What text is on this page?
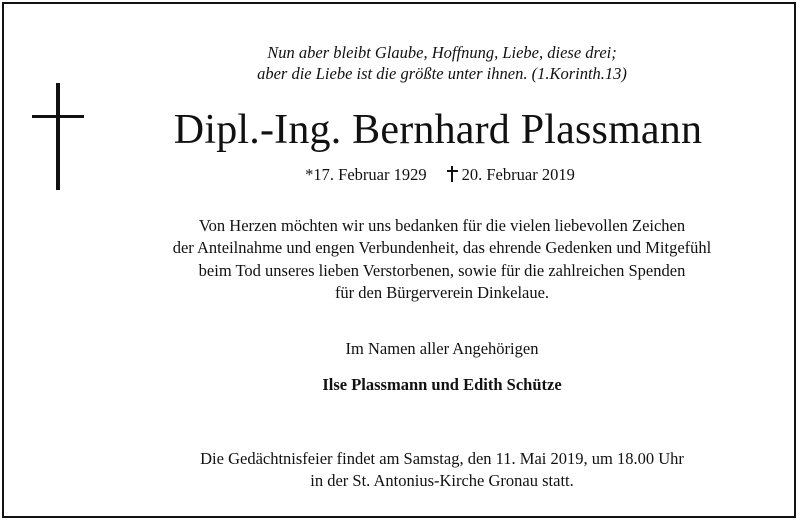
Nun aber bleibt Glaube, Hoffnung, Liebe, diese drei;
aber die Liebe ist die größte unter ihnen. (1.Korinth.13)
Dipl.-Ing. Bernhard Plassmann
*17. Februar 1929 20. Februar 2019
Von Herzen möchten wir uns bedanken für die vielen liebevollen Zeichen
der Anteilnahme und engen Verbundenheit, das ehrende Gedenken und Mitgefühl
beim Tod unseres lieben Verstorbenen, sowie für die zahlreichen Spenden
für den Bürgerverein Dinkelaue.
Im Namen aller Angehörigen
Ilse Plassmann und Edith Schütze
Die Gedächtnisfeier findet am Samstag, den 11. Mai 2019, um 18.00 Uhr
in der St. Antonius-Kirche Gronau statt.
